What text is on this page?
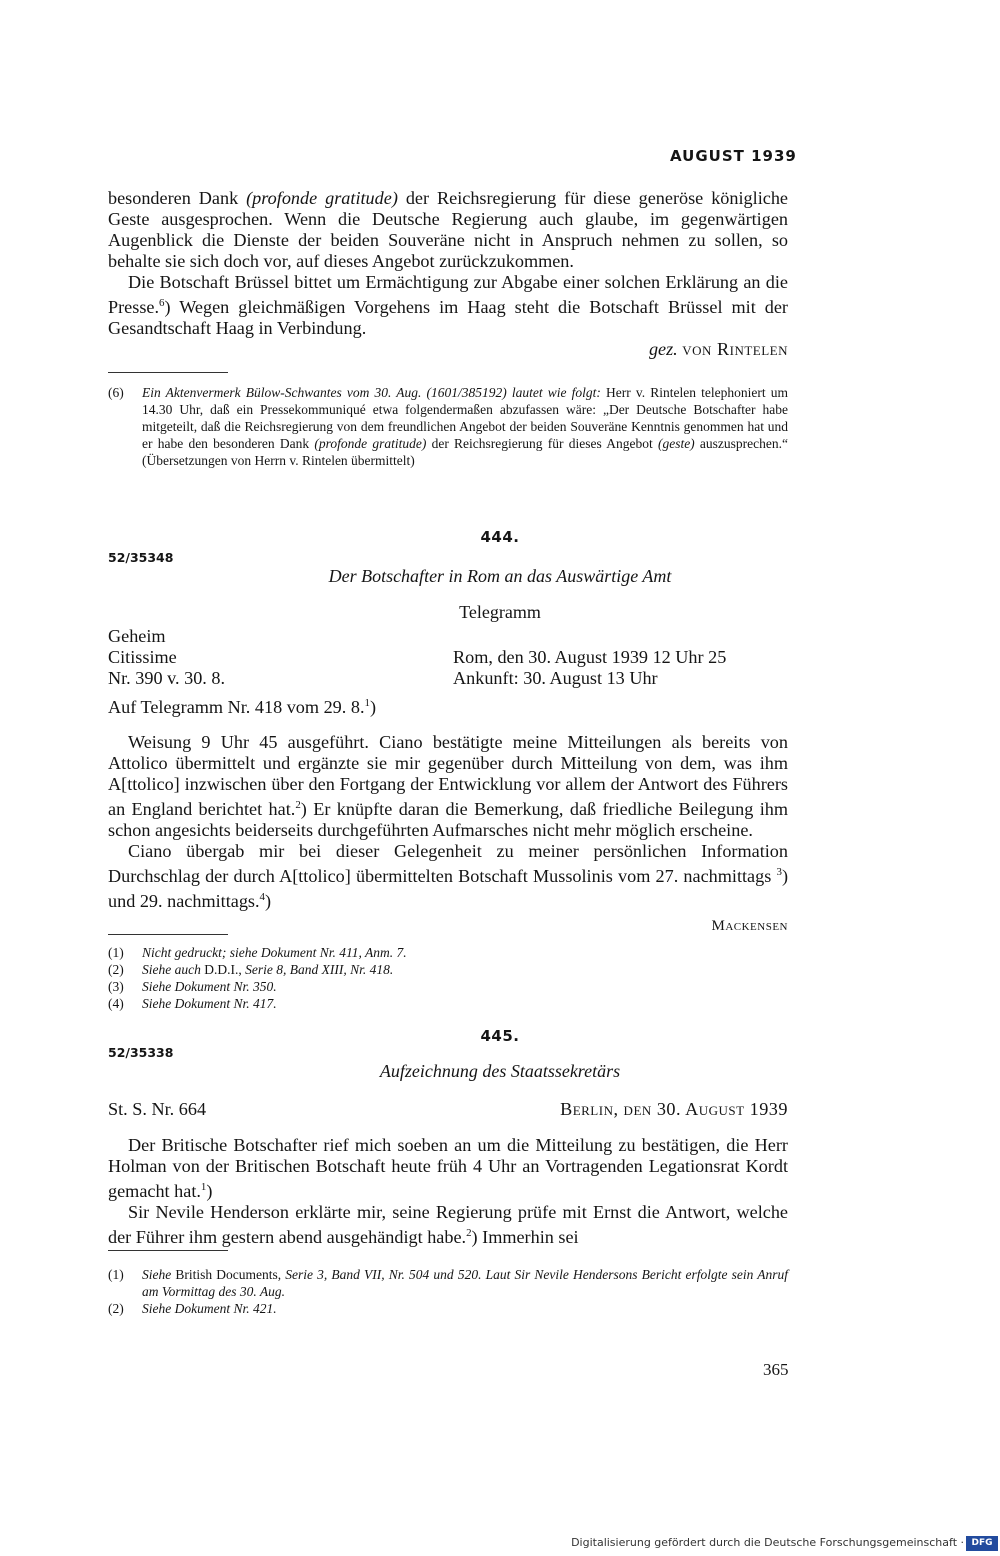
AUGUST 1939

besonderen Dank (profonde gratitude) der Reichsregierung für diese generöse königliche Geste ausgesprochen. Wenn die Deutsche Regierung auch glaube, im gegenwärtigen Augenblick die Dienste der beiden Souveräne nicht in Anspruch nehmen zu sollen, so behalte sie sich doch vor, auf dieses Angebot zurückzukommen.

Die Botschaft Brüssel bittet um Ermächtigung zur Abgabe einer solchen Erklärung an die Presse.$^6$) Wegen gleichmäßigen Vorgehens im Haag steht die Botschaft Brüssel mit der Gesandtschaft Haag in Verbindung.

gez. von Rintelen

(6)	Ein Aktenvermerk Bülow-Schwantes vom 30. Aug. (1601/385192) lautet wie folgt: Herr v. Rintelen telephoniert um 14.30 Uhr, daß ein Pressekommuniqué etwa folgendermaßen abzufassen wäre: „Der Deutsche Botschafter habe mitgeteilt, daß die Reichsregierung von dem freundlichen Angebot der beiden Souveräne Kenntnis genommen hat und er habe den besonderen Dank (profonde gratitude) der Reichsregierung für dieses Angebot (geste) auszusprechen.“ (Übersetzungen von Herrn v. Rintelen übermittelt)
444.
52/35348
Der Botschafter in Rom an das Auswärtige Amt
Telegramm
Geheim
Citissime	Rom, den 30. August 1939 12 Uhr 25
Nr. 390 v. 30. 8.	Ankunft: 30. August 13 Uhr
Auf Telegramm Nr. 418 vom 29. 8.$^1$)

Weisung 9 Uhr 45 ausgeführt. Ciano bestätigte meine Mitteilungen als bereits von Attolico übermittelt und ergänzte sie mir gegenüber durch Mitteilung von dem, was ihm A[ttolico] inzwischen über den Fortgang der Entwicklung vor allem der Antwort des Führers an England berichtet hat.$^2$) Er knüpfte daran die Bemerkung, daß friedliche Beilegung ihm schon angesichts beiderseits durchgeführten Aufmarsches nicht mehr möglich erscheine.

Ciano übergab mir bei dieser Gelegenheit zu meiner persönlichen Information Durchschlag der durch A[ttolico] übermittelten Botschaft Mussolinis vom 27. nachmittags $^3$) und 29. nachmittags.$^4$)

Mackensen

(1)	Nicht gedruckt; siehe Dokument Nr. 411, Anm. 7.
(2)	Siehe auch D.D.I., Serie 8, Band XIII, Nr. 418.
(3)	Siehe Dokument Nr. 350.
(4)	Siehe Dokument Nr. 417.
445.
52/35338
Aufzeichnung des Staatssekretärs
St. S. Nr. 664	Berlin, den 30. August 1939

Der Britische Botschafter rief mich soeben an um die Mitteilung zu bestätigen, die Herr Holman von der Britischen Botschaft heute früh 4 Uhr an Vortragenden Legationsrat Kordt gemacht hat.$^1$)

Sir Nevile Henderson erklärte mir, seine Regierung prüfe mit Ernst die Antwort, welche der Führer ihm gestern abend ausgehändigt habe.$^2$) Immerhin sei

(1)	Siehe British Documents, Serie 3, Band VII, Nr. 504 und 520. Laut Sir Nevile Hendersons Bericht erfolgte sein Anruf am Vormittag des 30. Aug.
(2)	Siehe Dokument Nr. 421.
365
Digitalisierung gefördert durch die Deutsche Forschungsgemeinschaft · DFG
